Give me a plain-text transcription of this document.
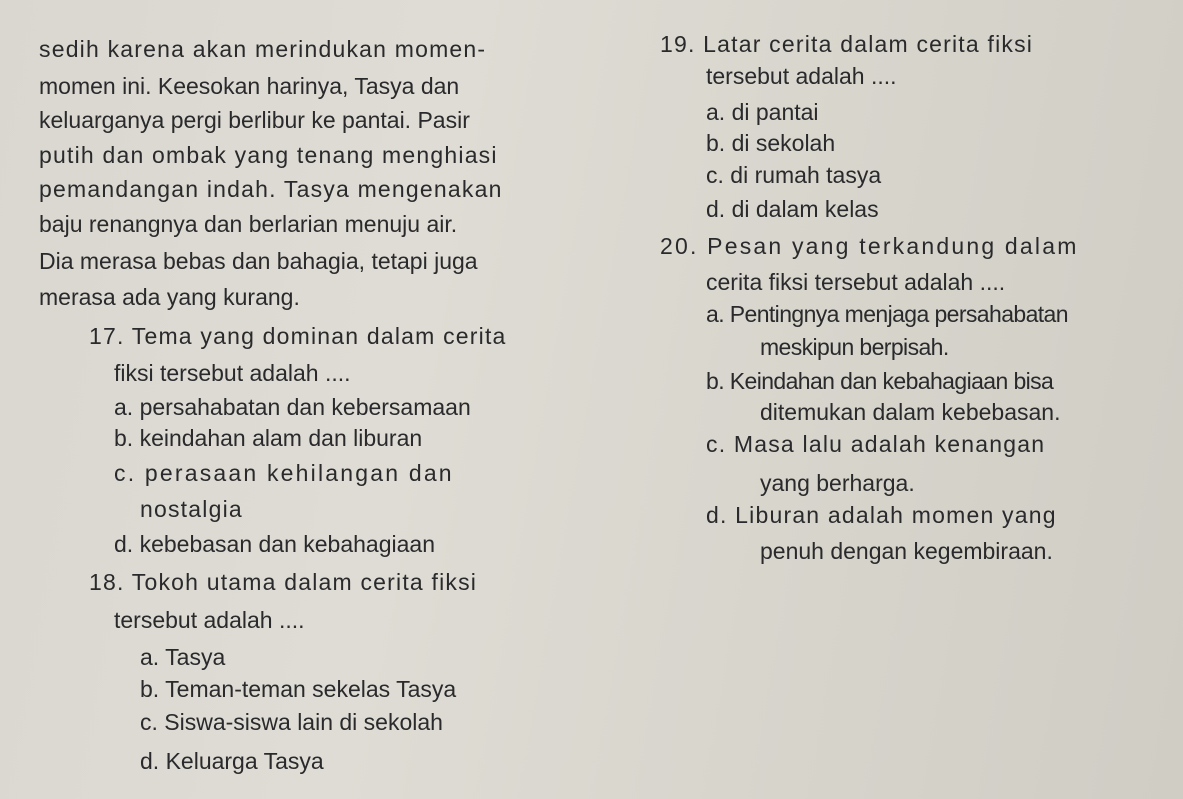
sedih karena akan merindukan momen-
momen ini. Keesokan harinya, Tasya dan
keluarganya pergi berlibur ke pantai. Pasir
putih dan ombak yang tenang menghiasi
pemandangan indah. Tasya mengenakan
baju renangnya dan berlarian menuju air.
Dia merasa bebas dan bahagia, tetapi juga
merasa ada yang kurang.
17. Tema yang dominan dalam cerita
fiksi tersebut adalah ....
a. persahabatan dan kebersamaan
b. keindahan alam dan liburan
c. perasaan kehilangan dan
nostalgia
d. kebebasan dan kebahagiaan
18. Tokoh utama dalam cerita fiksi
tersebut adalah ....
a. Tasya
b. Teman-teman sekelas Tasya
c. Siswa-siswa lain di sekolah
d. Keluarga Tasya
19. Latar cerita dalam cerita fiksi
tersebut adalah ....
a. di pantai
b. di sekolah
c. di rumah tasya
d. di dalam kelas
20. Pesan yang terkandung dalam
cerita fiksi tersebut adalah ....
a. Pentingnya menjaga persahabatan
meskipun berpisah.
b. Keindahan dan kebahagiaan bisa
ditemukan dalam kebebasan.
c. Masa lalu adalah kenangan
yang berharga.
d. Liburan adalah momen yang
penuh dengan kegembiraan.
